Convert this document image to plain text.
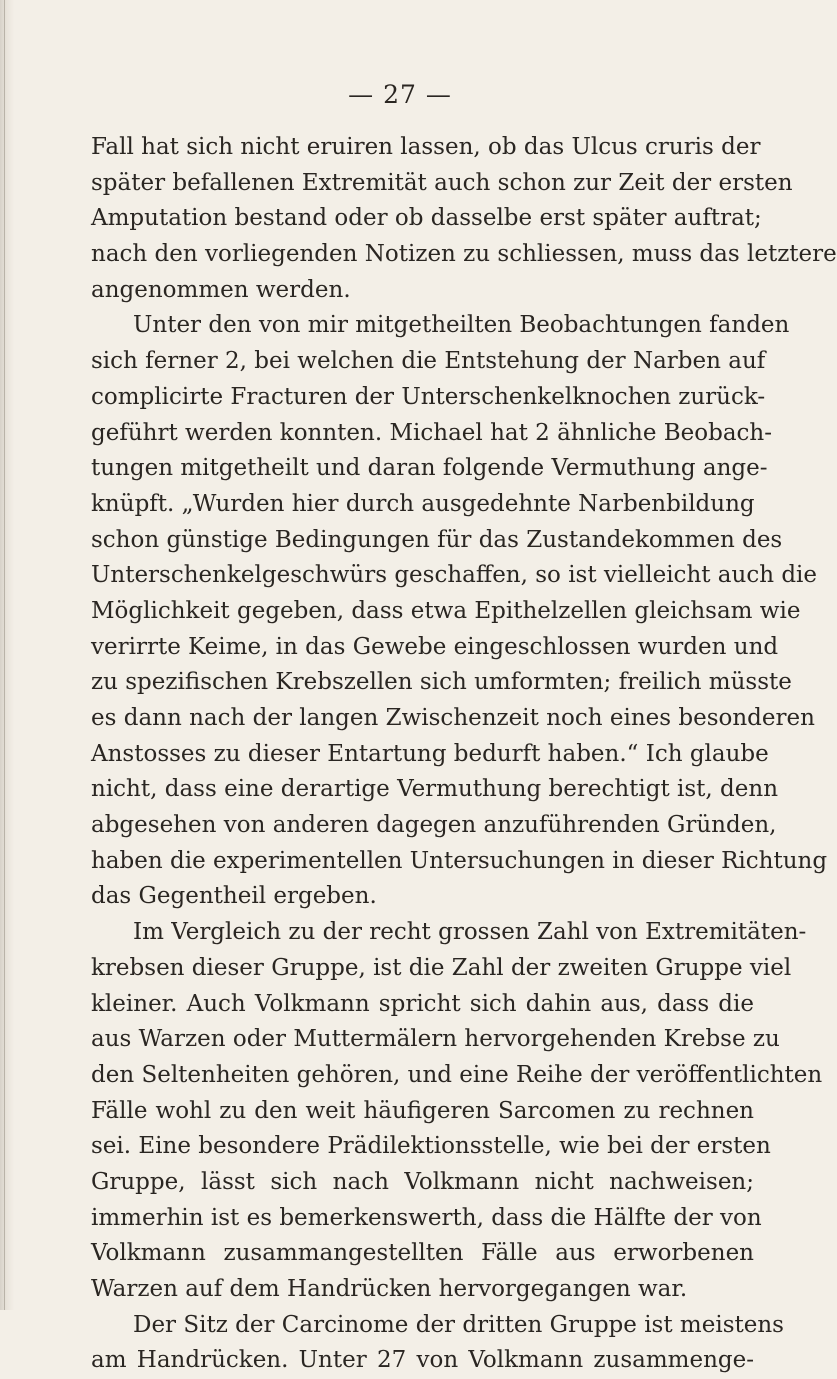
— 27 —
Fall hat sich nicht eruiren lassen, ob das Ulcus cruris der
später befallenen Extremität auch schon zur Zeit der ersten
Amputation bestand oder ob dasselbe erst später auftrat;
nach den vorliegenden Notizen zu schliessen, muss das letztere
angenommen werden.
Unter den von mir mitgetheilten Beobachtungen fanden
sich ferner 2, bei welchen die Entstehung der Narben auf
complicirte Fracturen der Unterschenkelknochen zurück-
geführt werden konnten. Michael hat 2 ähnliche Beobach-
tungen mitgetheilt und daran folgende Vermuthung ange-
knüpft. „Wurden hier durch ausgedehnte Narbenbildung
schon günstige Bedingungen für das Zustandekommen des
Unterschenkelgeschwürs geschaffen, so ist vielleicht auch die
Möglichkeit gegeben, dass etwa Epithelzellen gleichsam wie
verirrte Keime, in das Gewebe eingeschlossen wurden und
zu spezifischen Krebszellen sich umformten; freilich müsste
es dann nach der langen Zwischenzeit noch eines besonderen
Anstosses zu dieser Entartung bedurft haben.“ Ich glaube
nicht, dass eine derartige Vermuthung berechtigt ist, denn
abgesehen von anderen dagegen anzuführenden Gründen,
haben die experimentellen Untersuchungen in dieser Richtung
das Gegentheil ergeben.
Im Vergleich zu der recht grossen Zahl von Extremitäten-
krebsen dieser Gruppe, ist die Zahl der zweiten Gruppe viel
kleiner. Auch Volkmann spricht sich dahin aus, dass die
aus Warzen oder Muttermälern hervorgehenden Krebse zu
den Seltenheiten gehören, und eine Reihe der veröffentlichten
Fälle wohl zu den weit häufigeren Sarcomen zu rechnen
sei. Eine besondere Prädilektionsstelle, wie bei der ersten
Gruppe, lässt sich nach Volkmann nicht nachweisen;
immerhin ist es bemerkenswerth, dass die Hälfte der von
Volkmann zusammangestellten Fälle aus erworbenen
Warzen auf dem Handrücken hervorgegangen war.
Der Sitz der Carcinome der dritten Gruppe ist meistens
am Handrücken. Unter 27 von Volkmann zusammenge-
